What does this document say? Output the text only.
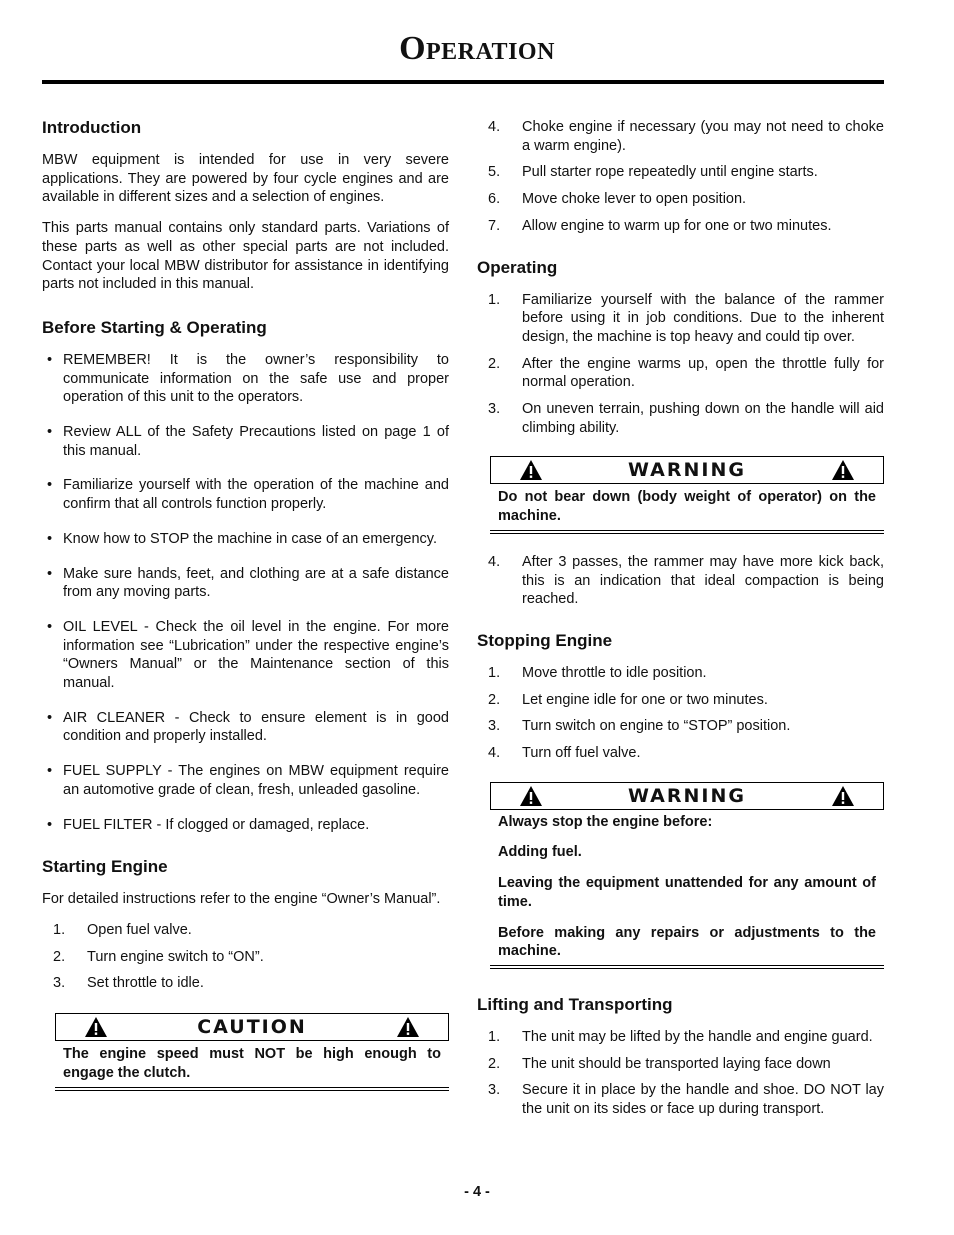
Operation
Introduction

MBW equipment is intended for use in very severe applications. They are powered by four cycle engines and are available in different sizes and a selection of engines.

This parts manual contains only standard parts. Variations of these parts as well as other special parts are not included. Contact your local MBW distributor for assistance in identifying parts not included in this manual.

Before Starting & Operating
• REMEMBER! It is the owner’s responsibility to communicate information on the safe use and proper operation of this unit to the operators.
• Review ALL of the Safety Precautions listed on page 1 of this manual.
• Familiarize yourself with the operation of the machine and confirm that all controls function properly.
• Know how to STOP the machine in case of an emergency.
• Make sure hands, feet, and clothing are at a safe distance from any moving parts.
• OIL LEVEL - Check the oil level in the engine. For more information see “Lubrication” under the respective engine’s “Owners Manual” or the Maintenance section of this manual.
• AIR CLEANER - Check to ensure element is in good condition and properly installed.
• FUEL SUPPLY - The engines on MBW equipment require an automotive grade of clean, fresh, unleaded gasoline.
• FUEL FILTER - If clogged or damaged, replace.
Starting Engine

For detailed instructions refer to the engine “Owner’s Manual”.

1. Open fuel valve.
2. Turn engine switch to “ON”.
3. Set throttle to idle.
CAUTION
The engine speed must NOT be high enough to engage the clutch.
4. Choke engine if necessary (you may not need to choke a warm engine).
5. Pull starter rope repeatedly until engine starts.
6. Move choke lever to open position.
7. Allow engine to warm up for one or two minutes.
Operating
1. Familiarize yourself with the balance of the rammer before using it in job conditions. Due to the inherent design, the machine is top heavy and could tip over.
2. After the engine warms up, open the throttle fully for normal operation.
3. On uneven terrain, pushing down on the handle will aid climbing ability.
WARNING
Do not bear down (body weight of operator) on the machine.
4. After 3 passes, the rammer may have more kick back, this is an indication that ideal compaction is being reached.
Stopping Engine
1. Move throttle to idle position.
2. Let engine idle for one or two minutes.
3. Turn switch on engine to “STOP” position.
4. Turn off fuel valve.
WARNING
Always stop the engine before:
Adding fuel.
Leaving the equipment unattended for any amount of time.
Before making any repairs or adjustments to the machine.
Lifting and Transporting
1. The unit may be lifted by the handle and engine guard.
2. The unit should be transported laying face down
3. Secure it in place by the handle and shoe. DO NOT lay the unit on its sides or face up during transport.
- 4 -
